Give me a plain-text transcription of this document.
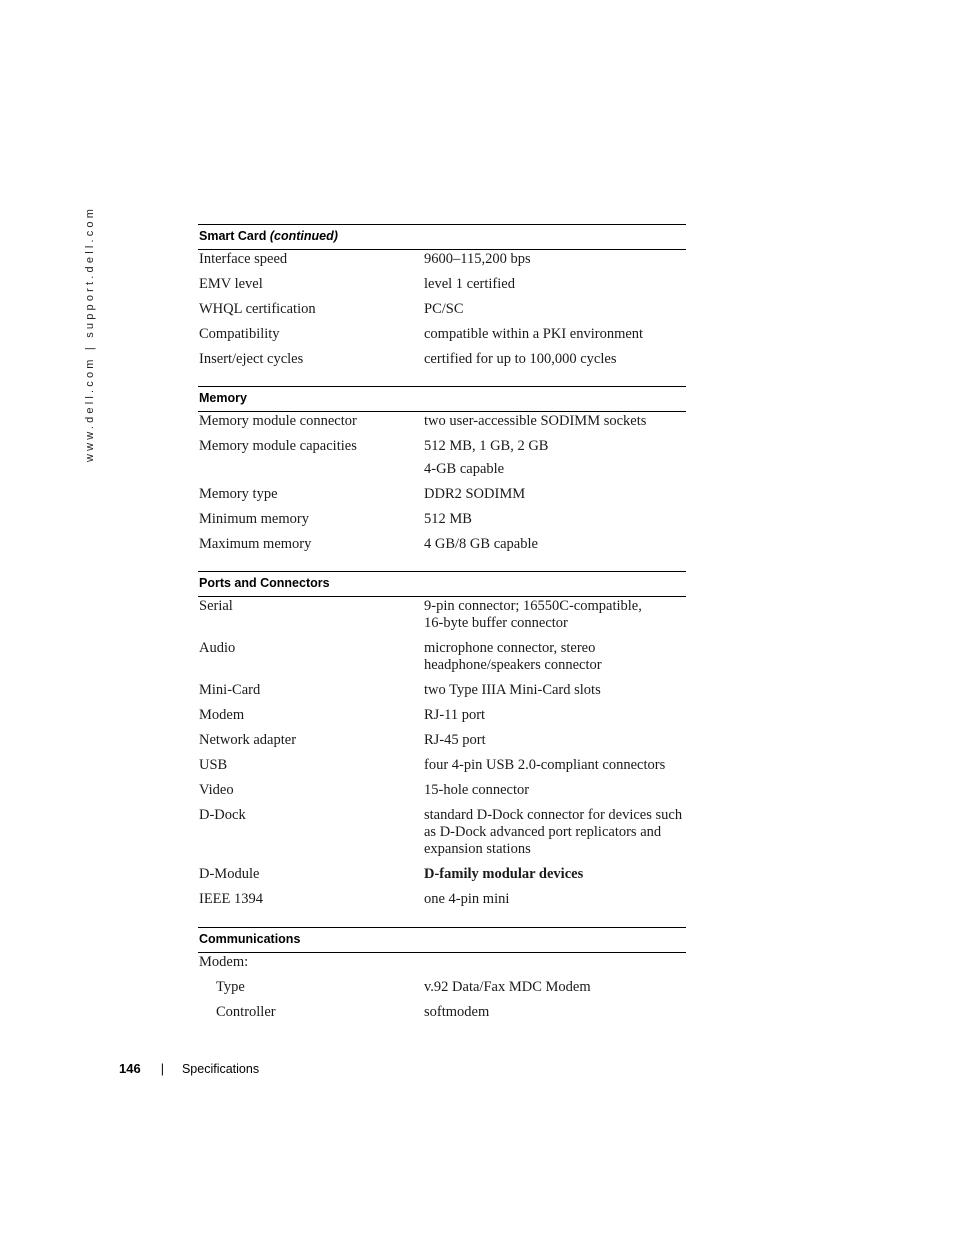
www.dell.com | support.dell.com	Smart Card (continued)
Interface speed	9600–115,200 bps
EMV level	level 1 certified
WHQL certification	PC/SC
Compatibility	compatible within a PKI environment
Insert/eject cycles	certified for up to 100,000 cycles
Memory
Memory module connector	two user-accessible SODIMM sockets
Memory module capacities	512 MB, 1 GB, 2 GB
4-GB capable
Memory type	DDR2 SODIMM
Minimum memory	512 MB
Maximum memory	4 GB/8 GB capable
Ports and Connectors
Serial	9-pin connector; 16550C-compatible, 16-byte buffer connector
Audio	microphone connector, stereo headphone/speakers connector
Mini-Card	two Type IIIA Mini-Card slots
Modem	RJ-11 port
Network adapter	RJ-45 port
USB	four 4-pin USB 2.0-compliant connectors
Video	15-hole connector
D-Dock	standard D-Dock connector for devices such as D-Dock advanced port replicators and expansion stations
D-Module	D-family modular devices
IEEE 1394	one 4-pin mini
Communications
Modem:
Type	v.92 Data/Fax MDC Modem
Controller	softmodem
146 | Specifications
